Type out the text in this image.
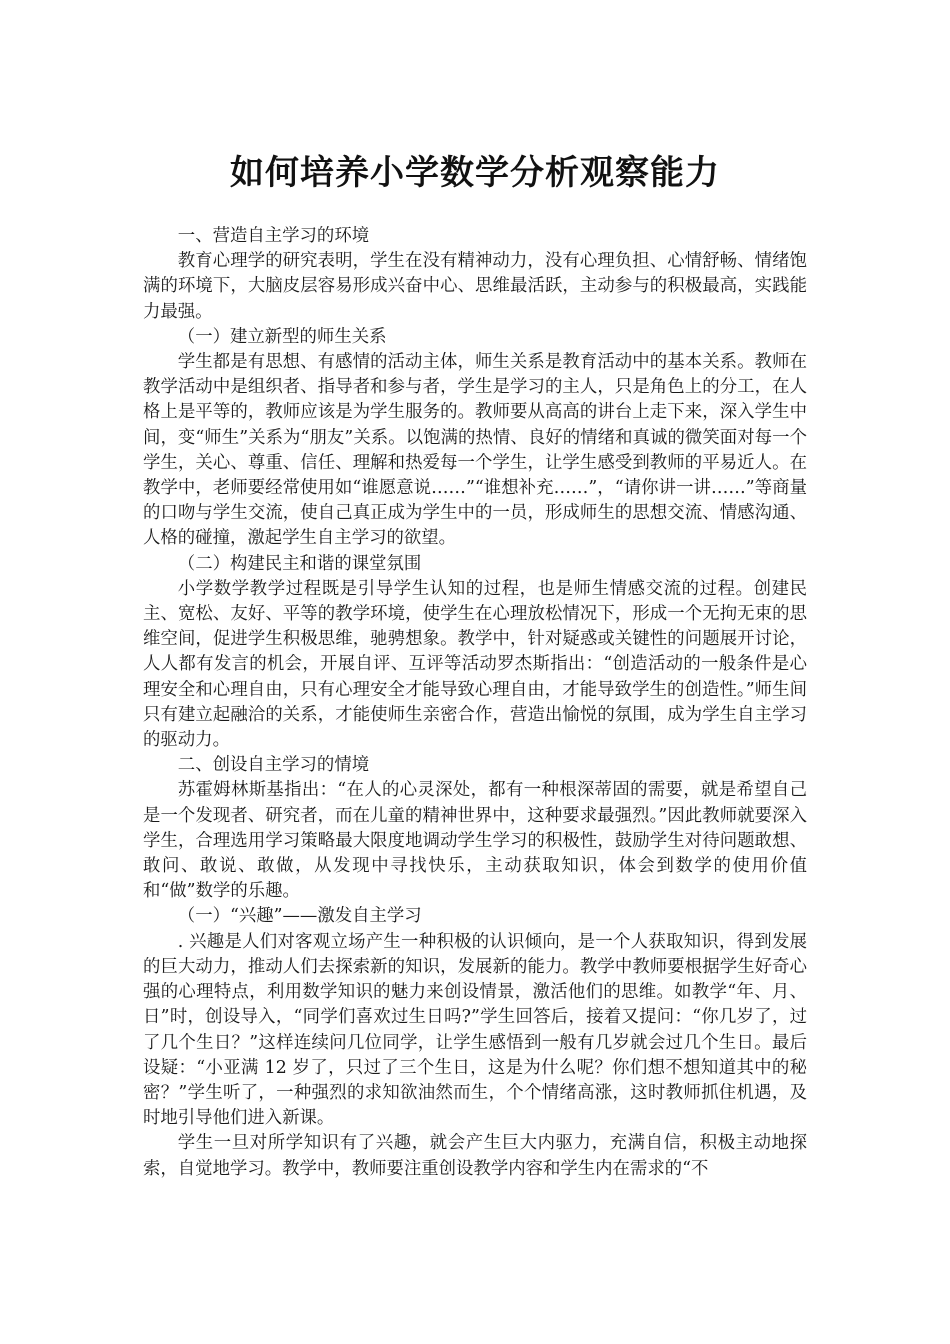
如何培养小学数学分析观察能力

一、营造自主学习的环境

教育心理学的研究表明，学生在没有精神动力，没有心理负担、心情舒畅、情绪饱满的环境下，大脑皮层容易形成兴奋中心、思维最活跃，主动参与的积极最高，实践能力最强。

（一）建立新型的师生关系

学生都是有思想、有感情的活动主体，师生关系是教育活动中的基本关系。教师在教学活动中是组织者、指导者和参与者，学生是学习的主人，只是角色上的分工，在人格上是平等的，教师应该是为学生服务的。教师要从高高的讲台上走下来，深入学生中间，变“师生”关系为“朋友”关系。以饱满的热情、良好的情绪和真诚的微笑面对每一个学生，关心、尊重、信任、理解和热爱每一个学生，让学生感受到教师的平易近人。在教学中，老师要经常使用如“谁愿意说……”“谁想补充……”，“请你讲一讲……”等商量的口吻与学生交流，使自己真正成为学生中的一员，形成师生的思想交流、情感沟通、人格的碰撞，激起学生自主学习的欲望。

（二）构建民主和谐的课堂氛围

小学数学教学过程既是引导学生认知的过程，也是师生情感交流的过程。创建民主、宽松、友好、平等的教学环境，使学生在心理放松情况下，形成一个无拘无束的思维空间，促进学生积极思维，驰骋想象。教学中，针对疑惑或关键性的问题展开讨论，人人都有发言的机会，开展自评、互评等活动罗杰斯指出：“创造活动的一般条件是心理安全和心理自由，只有心理安全才能导致心理自由，才能导致学生的创造性。”师生间只有建立起融洽的关系，才能使师生亲密合作，营造出愉悦的氛围，成为学生自主学习的驱动力。

二、创设自主学习的情境

苏霍姆林斯基指出：“在人的心灵深处，都有一种根深蒂固的需要，就是希望自己是一个发现者、研究者，而在儿童的精神世界中，这种要求最强烈。”因此教师就要深入学生，合理选用学习策略最大限度地调动学生学习的积极性，鼓励学生对待问题敢想、敢问、敢说、敢做，从发现中寻找快乐，主动获取知识，体会到数学的使用价值和“做”数学的乐趣。

（一）“兴趣”——激发自主学习

. 兴趣是人们对客观立场产生一种积极的认识倾向，是一个人获取知识，得到发展的巨大动力，推动人们去探索新的知识，发展新的能力。教学中教师要根据学生好奇心强的心理特点，利用数学知识的魅力来创设情景，激活他们的思维。如教学“年、月、日”时，创设导入，“同学们喜欢过生日吗?”学生回答后，接着又提问：“你几岁了，过了几个生日？”这样连续问几位同学，让学生感悟到一般有几岁就会过几个生日。最后设疑：“小亚满 12 岁了，只过了三个生日，这是为什么呢？你们想不想知道其中的秘密？”学生听了，一种强烈的求知欲油然而生，个个情绪高涨，这时教师抓住机遇，及时地引导他们进入新课。

学生一旦对所学知识有了兴趣，就会产生巨大内驱力，充满自信，积极主动地探索，自觉地学习。教学中，教师要注重创设教学内容和学生内在需求的“不
